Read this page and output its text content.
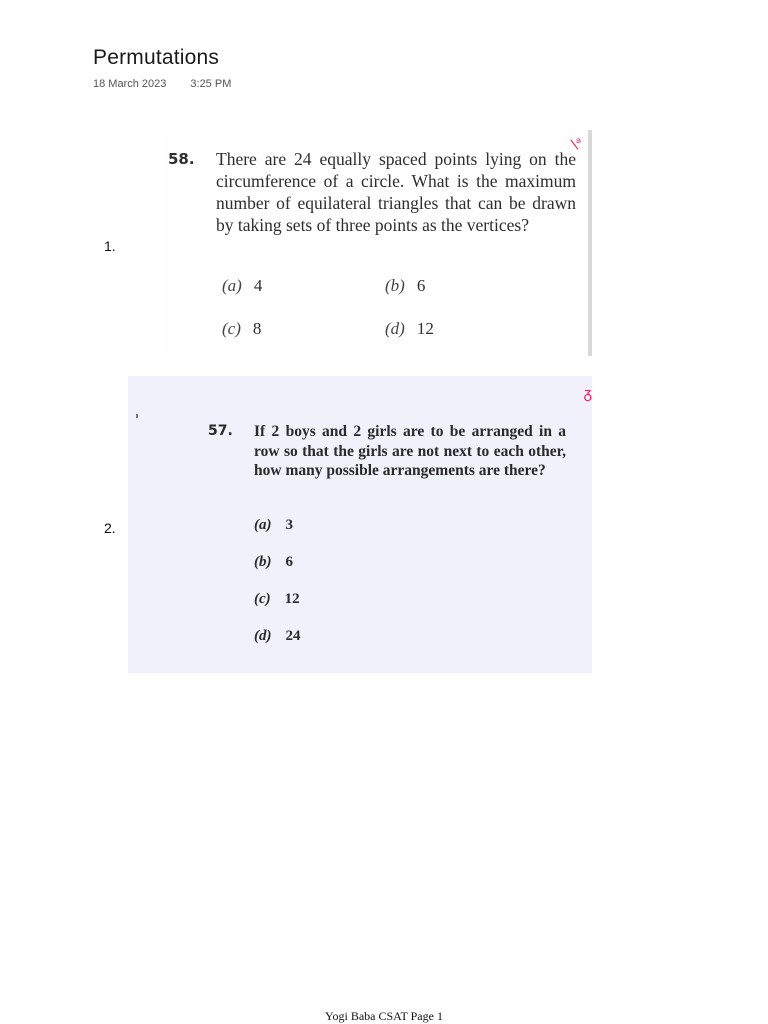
Permutations
18 March 2023 3:25 PM
1.
\ᵃ
58. There are 24 equally spaced points lying on the circumference of a circle. What is the maximum number of equilateral triangles that can be drawn by taking sets of three points as the vertices?
(a) 4	(b) 6
(c) 8	(d) 12
2.
ᵹ
57. If 2 boys and 2 girls are to be arranged in a row so that the girls are not next to each other, how many possible arrangements are there?
(a) 3
(b) 6
(c) 12
(d) 24
Yogi Baba CSAT Page 1
